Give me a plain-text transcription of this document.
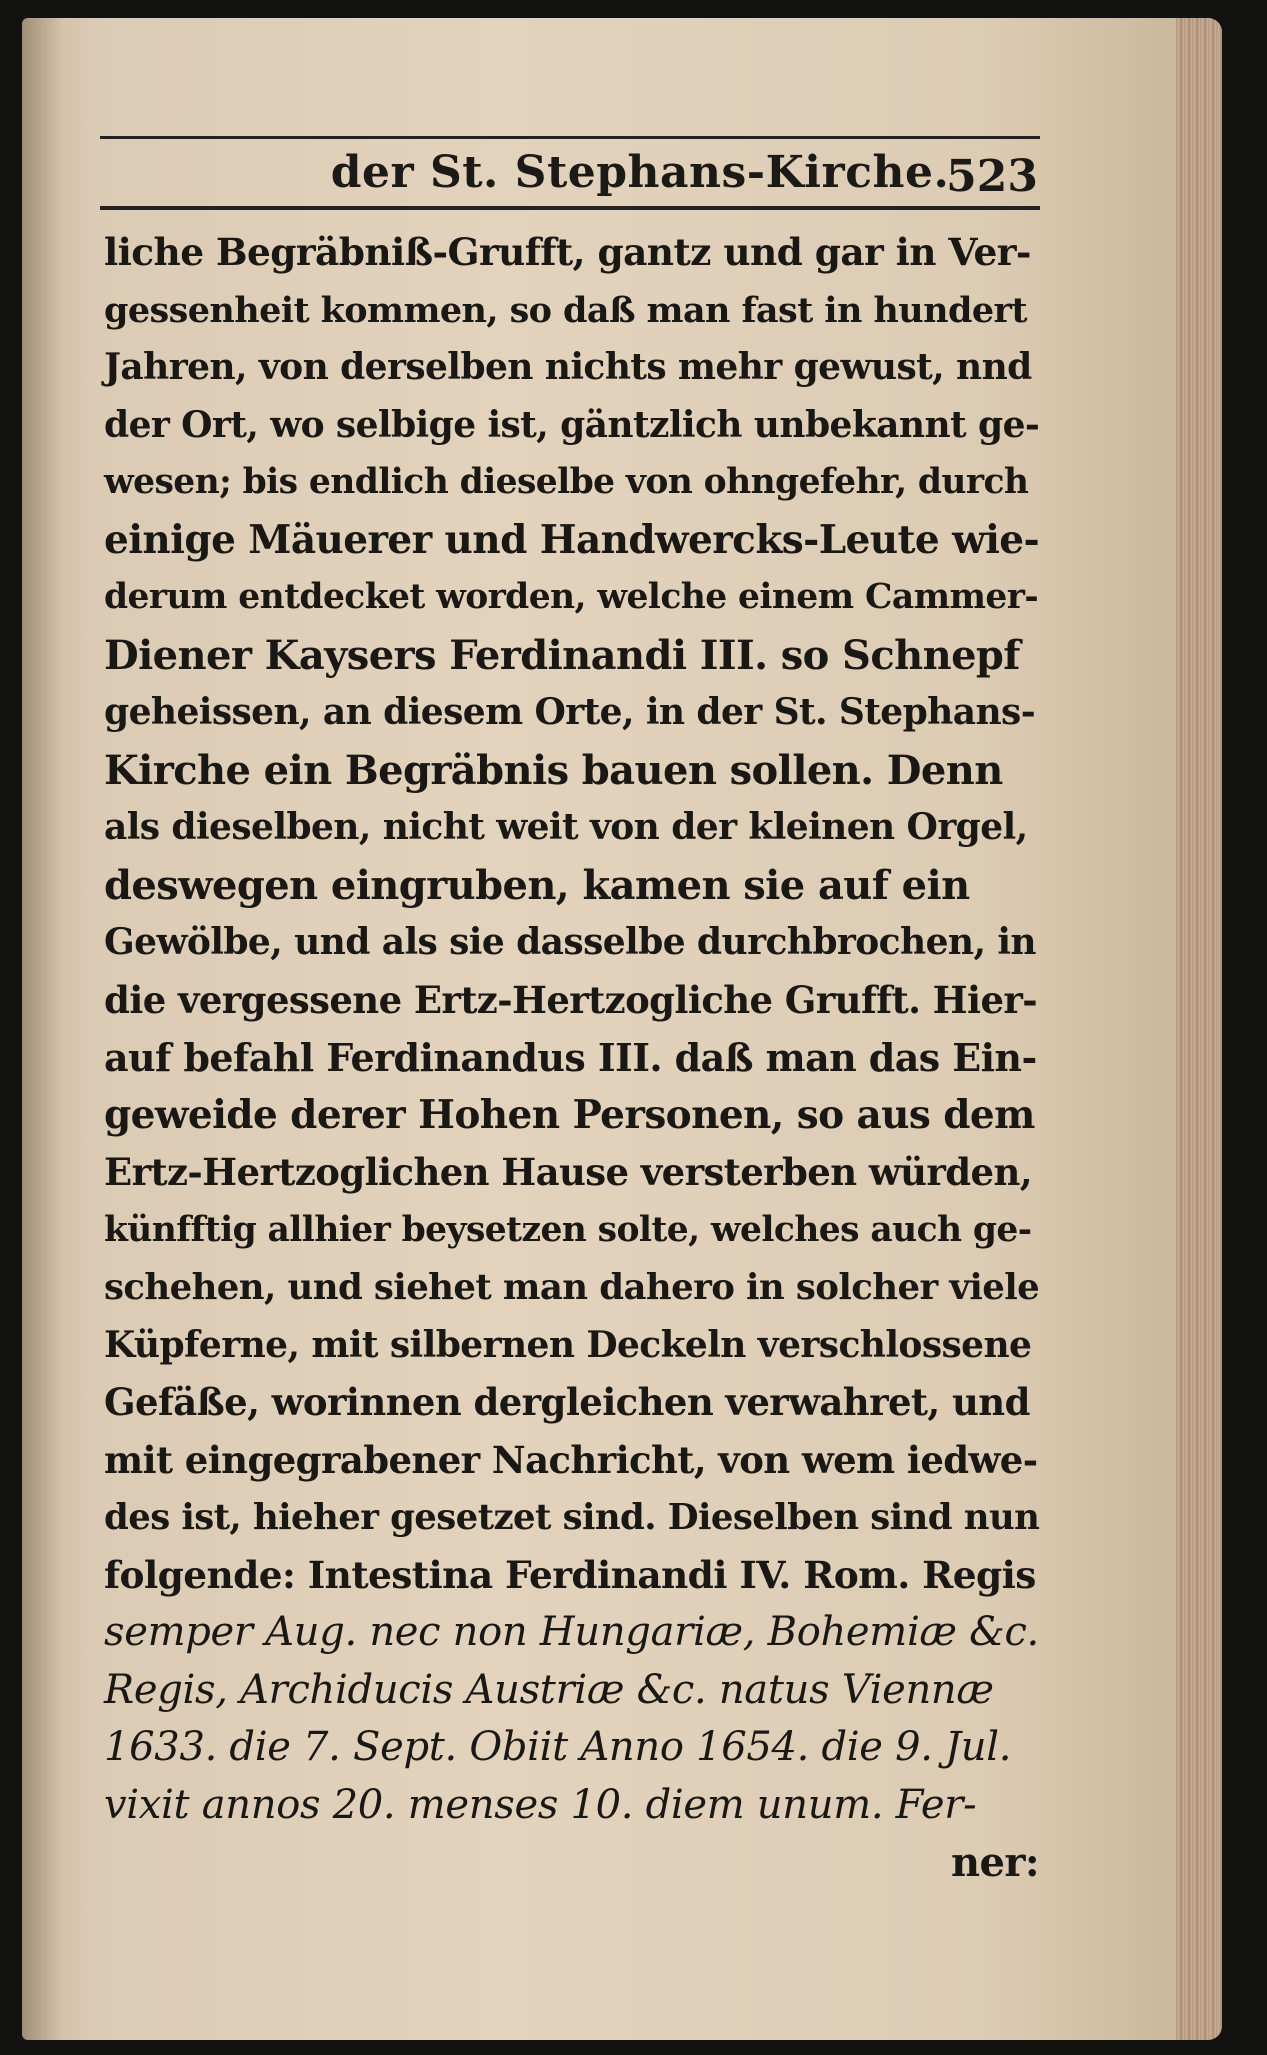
der St. Stephans-Kirche.
523
liche Begräbniß-Grufft, gantz und gar in Ver-
gessenheit kommen, so daß man fast in hundert
Jahren, von derselben nichts mehr gewust, nnd
der Ort, wo selbige ist, gäntzlich unbekannt ge-
wesen; bis endlich dieselbe von ohngefehr, durch
einige Mäuerer und Handwercks-Leute wie-
derum entdecket worden, welche einem Cammer-
Diener Kaysers Ferdinandi III. so Schnepf
geheissen, an diesem Orte, in der St. Stephans-
Kirche ein Begräbnis bauen sollen. Denn
als dieselben, nicht weit von der kleinen Orgel,
deswegen eingruben, kamen sie auf ein
Gewölbe, und als sie dasselbe durchbrochen, in
die vergessene Ertz-Hertzogliche Grufft. Hier-
auf befahl Ferdinandus III. daß man das Ein-
geweide derer Hohen Personen, so aus dem
Ertz-Hertzoglichen Hause versterben würden,
künfftig allhier beysetzen solte, welches auch ge-
schehen, und siehet man dahero in solcher viele
Küpferne, mit silbernen Deckeln verschlossene
Gefäße, worinnen dergleichen verwahret, und
mit eingegrabener Nachricht, von wem iedwe-
des ist, hieher gesetzet sind. Dieselben sind nun
folgende: Intestina Ferdinandi IV. Rom. Regis
semper Aug. nec non Hungariæ, Bohemiæ &c.
Regis, Archiducis Austriæ &c. natus Viennæ
1633. die 7. Sept. Obiit Anno 1654. die 9. Jul.
vixit annos 20. menses 10. diem unum. Fer-
ner:
